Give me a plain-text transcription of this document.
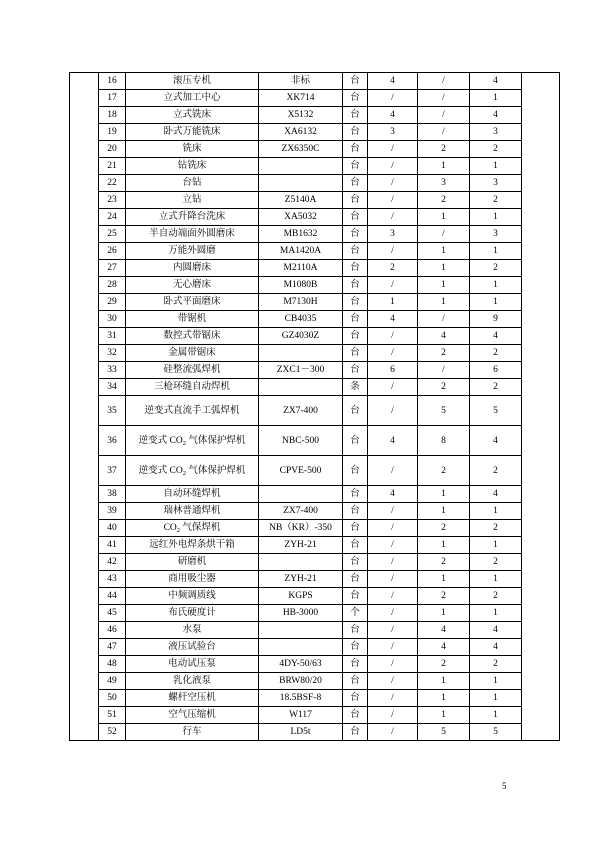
	16	滚压专机	非标	台	4	/	4	
	17	立式加工中心	XK714	台	/	/	1	
	18	立式铣床	X5132	台	4	/	4	
	19	卧式万能铣床	XA6132	台	3	/	3	
	20	铣床	ZX6350C	台	/	2	2	
	21	钻铣床		台	/	1	1	
	22	台钻		台	/	3	3	
	23	立钻	Z5140A	台	/	2	2	
	24	立式升降台洗床	XA5032	台	/	1	1	
	25	半自动端面外圆磨床	MB1632	台	3	/	3	
	26	万能外圆磨	MA1420A	台	/	1	1	
	27	内圆磨床	M2110A	台	2	1	2	
	28	无心磨床	M1080B	台	/	1	1	
	29	卧式平面磨床	M7130H	台	1	1	1	
	30	带锯机	CB4035	台	4	/	9	
	31	数控式带锯床	GZ4030Z	台	/	4	4	
	32	金属带锯床		台	/	2	2	
	33	硅整流弧焊机	ZXC1－300	台	6	/	6	
	34	三枪环缝自动焊机		条	/	2	2	
	35	逆变式直流手工弧焊机	ZX7-400	台	/	5	5	
	36	逆变式 $CO_2$ 气体保护焊机	NBC-500	台	4	8	4	
	37	逆变式 $CO_2$ 气体保护焊机	CPVE-500	台	/	2	2	
	38	自动环缝焊机		台	4	1	4	
	39	瑞林普通焊机	ZX7-400	台	/	1	1	
	40	$CO_2$ 气保焊机	NB（KR）-350	台	/	2	2	
	41	远红外电焊条烘干箱	ZYH-21	台	/	1	1	
	42	研磨机		台	/	2	2	
	43	商用吸尘器	ZYH-21	台	/	1	1	
	44	中频调质线	KGPS	台	/	2	2	
	45	布氏硬度计	HB-3000	个	/	1	1	
	46	水泵		台	/	4	4	
	47	液压试验台		台	/	4	4	
	48	电动试压泵	4DY-50/63	台	/	2	2	
	49	乳化液泵	BRW80/20	台	/	1	1	
	50	螺杆空压机	18.5BSF-8	台	/	1	1	
	51	空气压缩机	W117	台	/	1	1	
	52	行车	LD5t	台	/	5	5	
5
